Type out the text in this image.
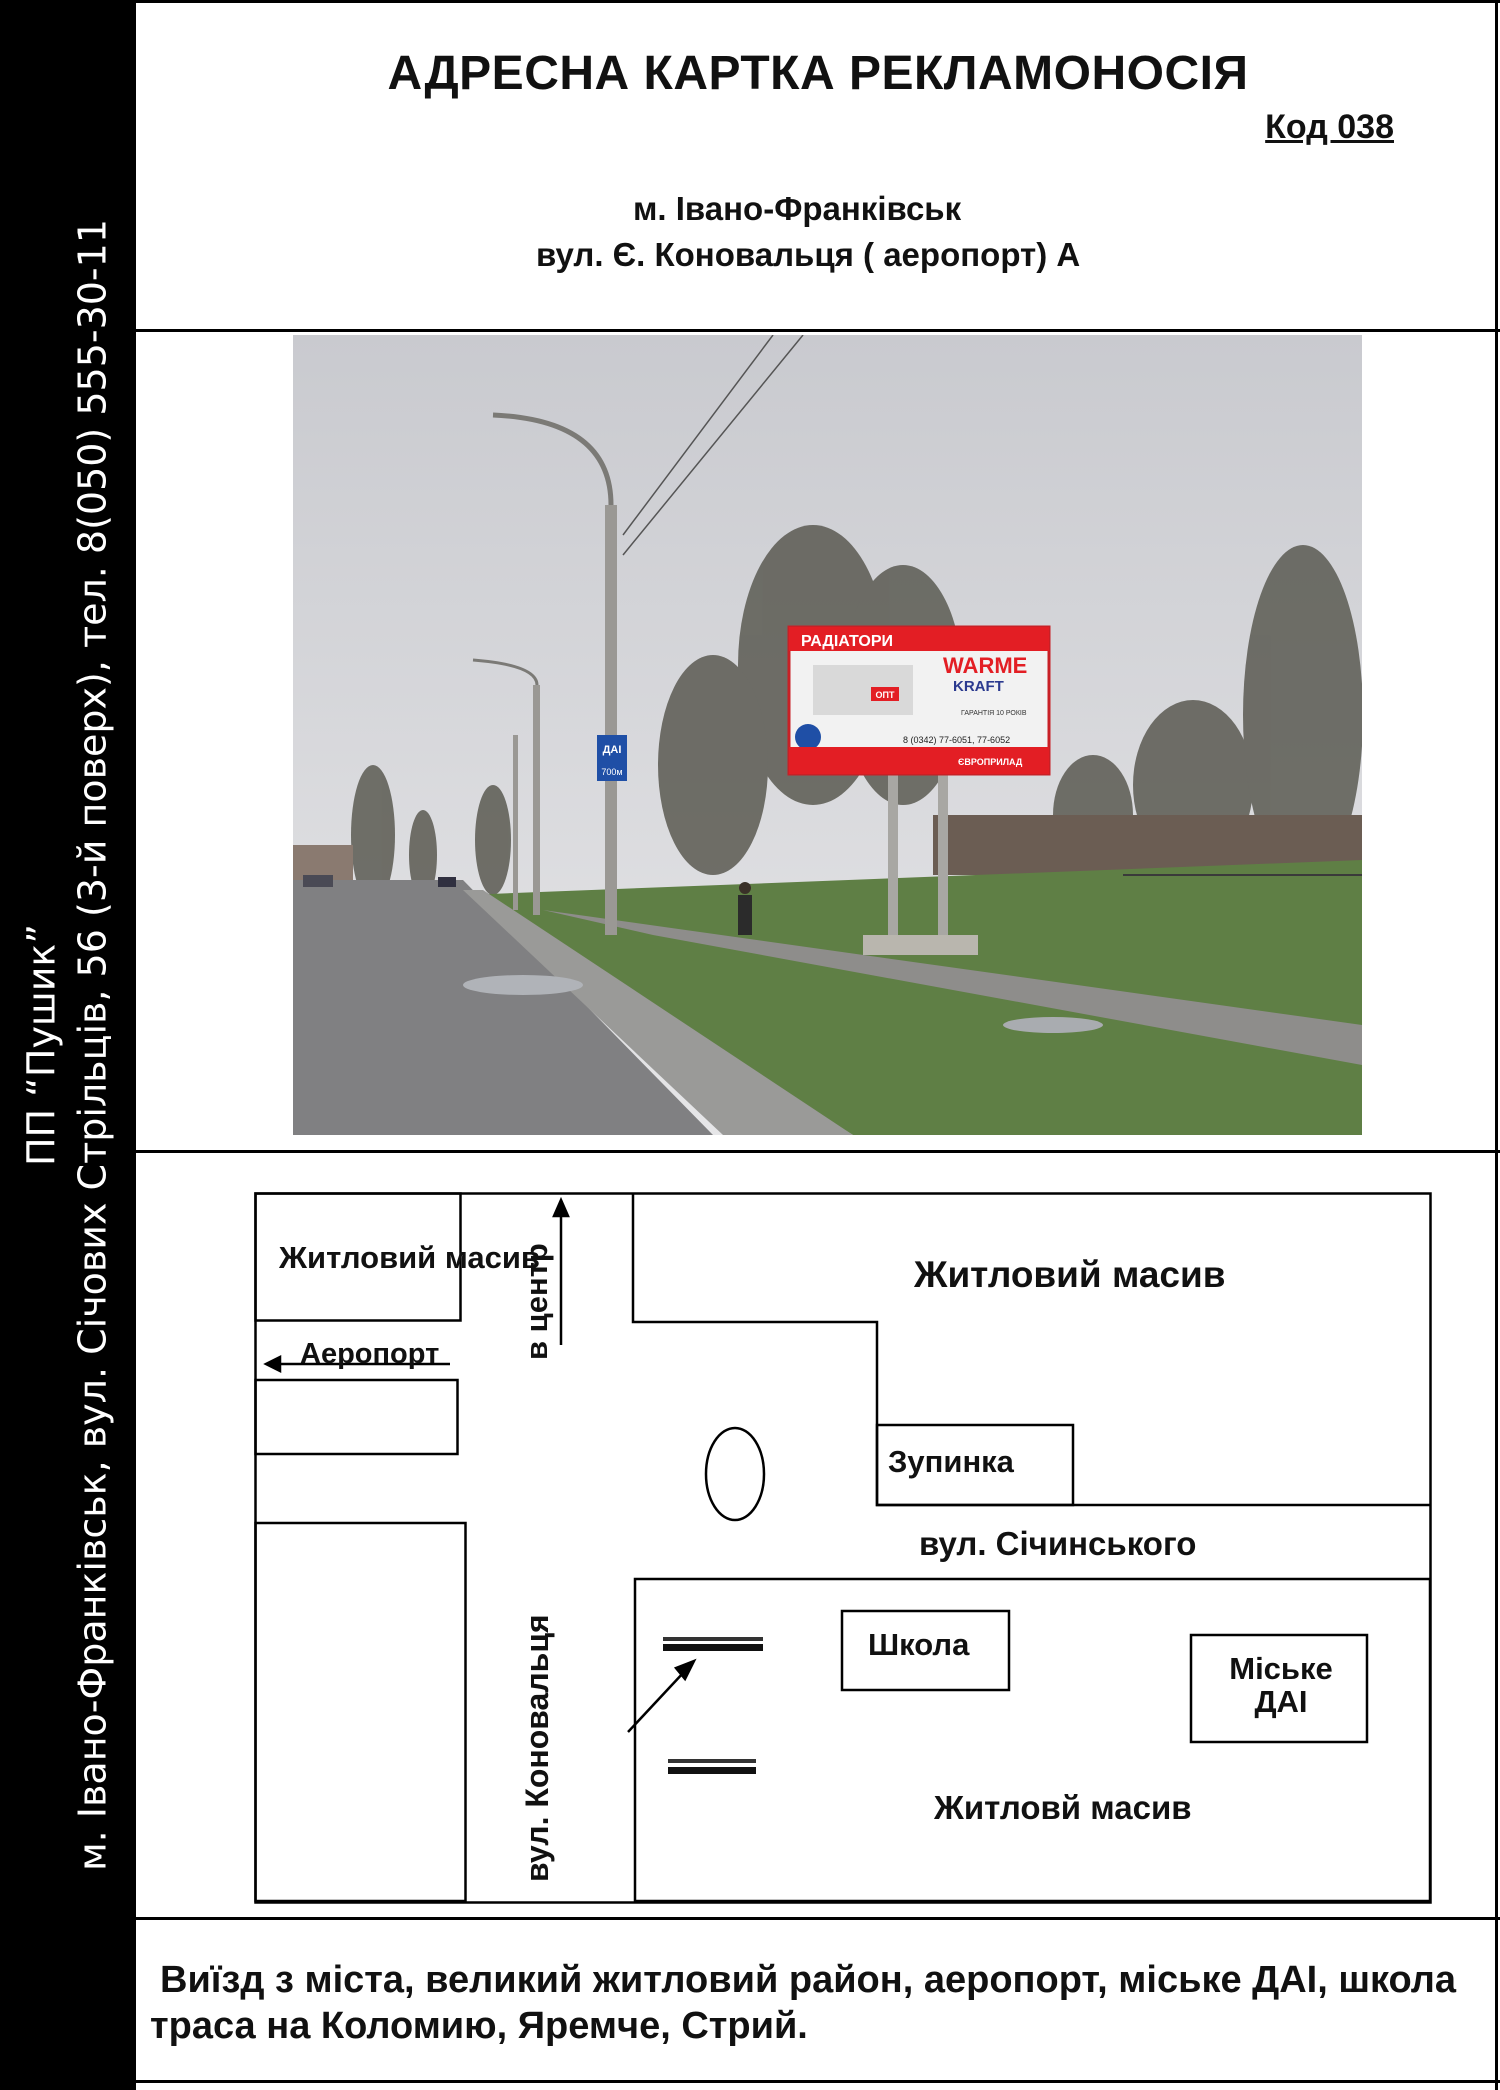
ПП “Пушик” м. Івано-Франківськ, вул. Січових Стрільців, 56 (3-й поверх), тел. 8(050) 555-30-11
АДРЕСНА КАРТКА РЕКЛАМОНОСІЯ
Код 038
м. Івано-Франківськ
вул. Є. Коновальця ( аеропорт) А
ДАІ
700м
РАДІАТОРИ
WARME
KRAFT
ОПТ
ГАРАНТІЯ 10 РОКІВ
8 (0342) 77-6051, 77-6052
ЄВРОПРИЛАД
Житловий масив	Житловий масив
Аеропорт	в центр
Зупинка
вул. Січинського
вул. Коновальця	Школа
Міське ДАІ
Житловй масив
Виїзд з міста, великий житловий район, аеропорт, міське ДАІ, школа
траса на Коломию, Яремче, Стрий.
